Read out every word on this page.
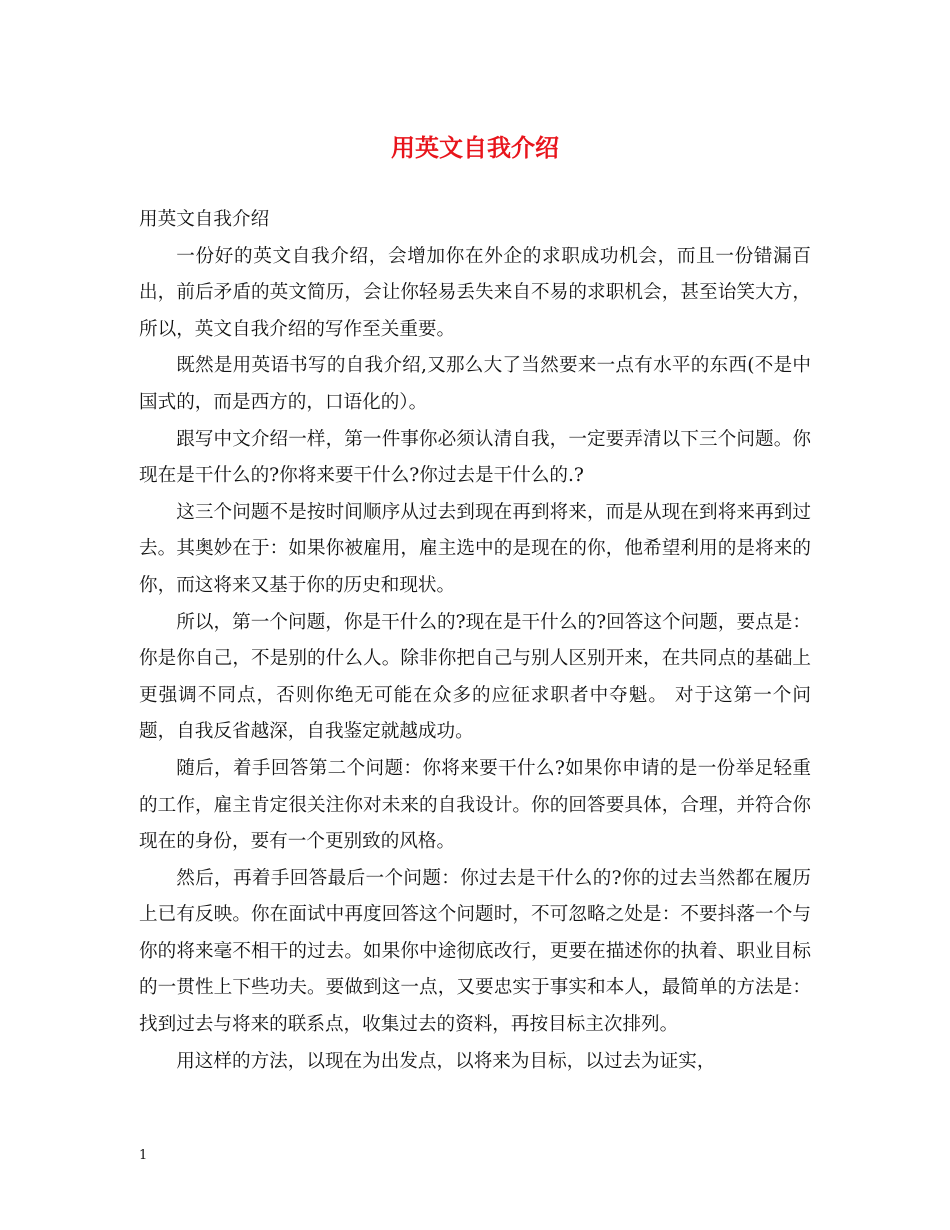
用英文自我介绍

用英文自我介绍

一份好的英文自我介绍，会增加你在外企的求职成功机会，而且一份错漏百出，前后矛盾的英文简历，会让你轻易丢失来自不易的求职机会，甚至诒笑大方，所以，英文自我介绍的写作至关重要。

既然是用英语书写的自我介绍,又那么大了当然要来一点有水平的东西(不是中国式的，而是西方的，口语化的）。

跟写中文介绍一样，第一件事你必须认清自我，一定要弄清以下三个问题。你现在是干什么的?你将来要干什么?你过去是干什么的.?

这三个问题不是按时间顺序从过去到现在再到将来，而是从现在到将来再到过去。其奥妙在于：如果你被雇用，雇主选中的是现在的你，他希望利用的是将来的你，而这将来又基于你的历史和现状。

所以，第一个问题，你是干什么的?现在是干什么的?回答这个问题，要点是：你是你自己，不是别的什么人。除非你把自己与别人区别开来，在共同点的基础上更强调不同点，否则你绝无可能在众多的应征求职者中夺魁。 对于这第一个问题，自我反省越深，自我鉴定就越成功。

随后，着手回答第二个问题：你将来要干什么?如果你申请的是一份举足轻重的工作，雇主肯定很关注你对未来的自我设计。你的回答要具体，合理，并符合你现在的身份，要有一个更别致的风格。

然后，再着手回答最后一个问题：你过去是干什么的?你的过去当然都在履历上已有反映。你在面试中再度回答这个问题时，不可忽略之处是：不要抖落一个与你的将来毫不相干的过去。如果你中途彻底改行，更要在描述你的执着、职业目标的一贯性上下些功夫。要做到这一点，又要忠实于事实和本人，最简单的方法是：找到过去与将来的联系点，收集过去的资料，再按目标主次排列。

用这样的方法，以现在为出发点，以将来为目标，以过去为证实，

1
